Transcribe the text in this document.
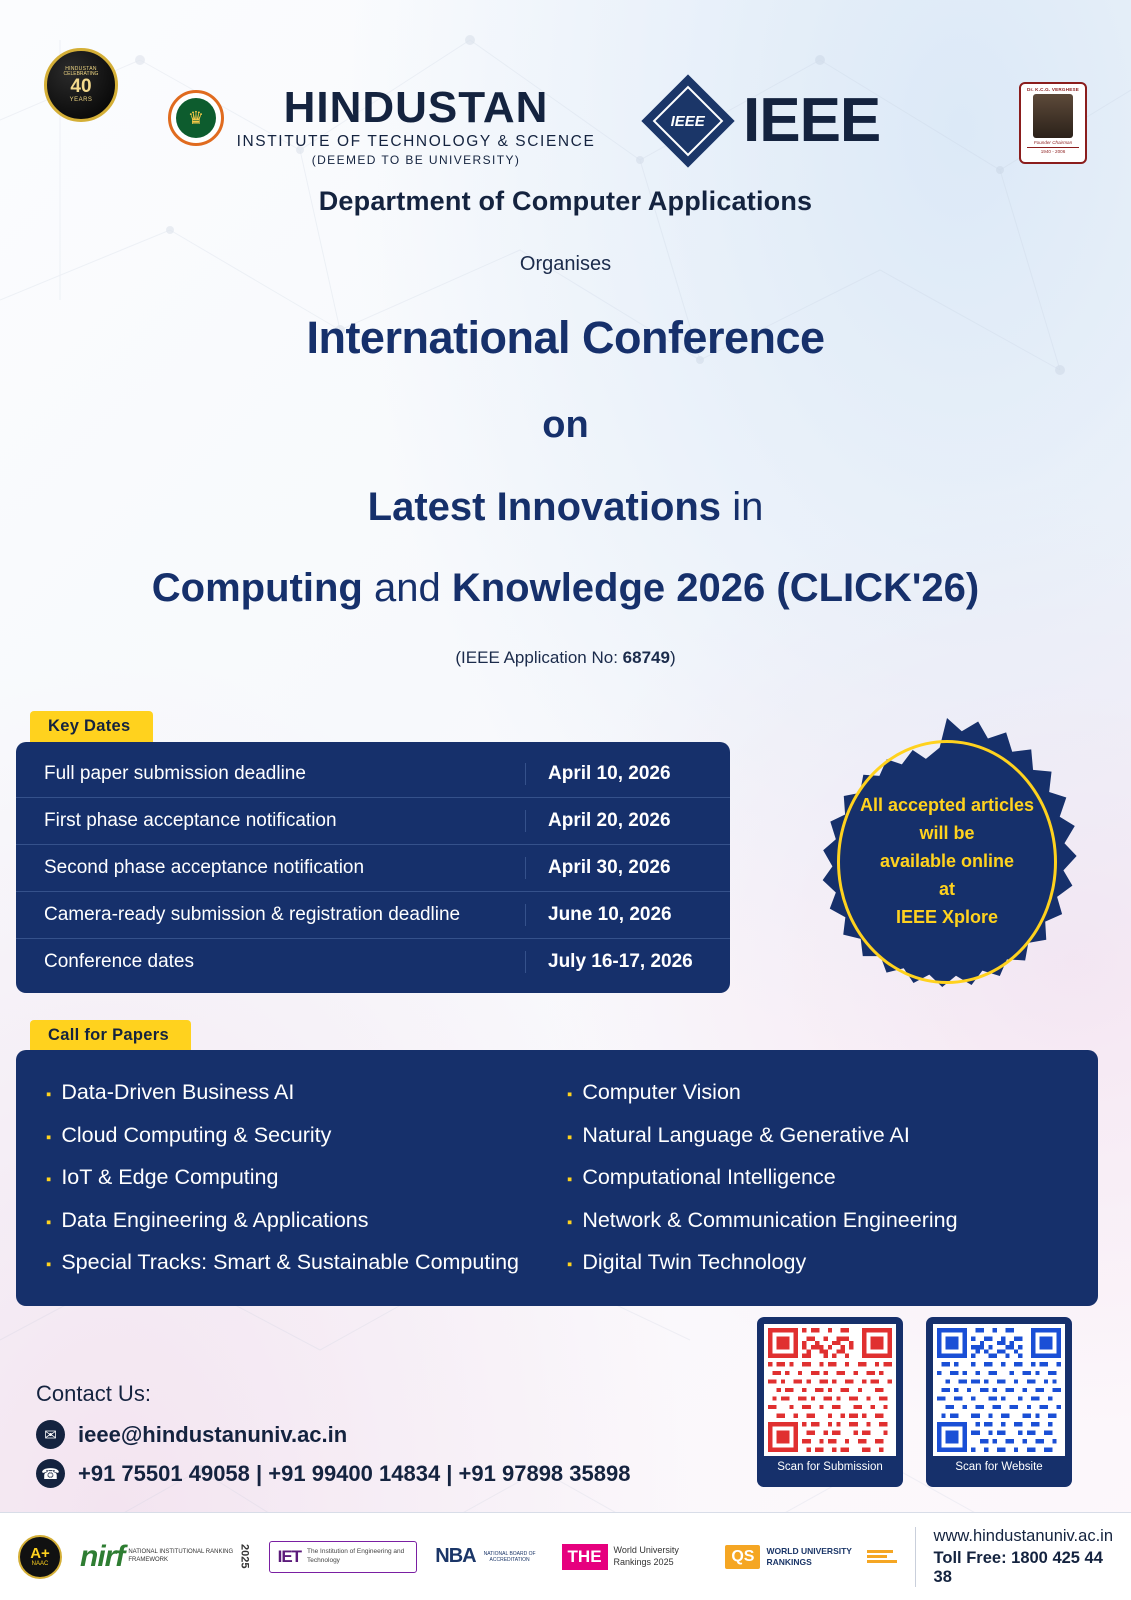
HINDUSTAN
CELEBRATING
40
YEARS
♛	HINDUSTAN
INSTITUTE OF TECHNOLOGY & SCIENCE
(DEEMED TO BE UNIVERSITY)
IEEE IEEE	Dr. K.C.G. VERGHESE
Founder Chairman
1940 - 2006
Department of Computer Applications
Organises
International Conference
on
Latest Innovations in
Computing and Knowledge 2026 (CLICK'26)
(IEEE Application No: 68749)
Key Dates
Full paper submission deadline	April 10, 2026
First phase acceptance notification	April 20, 2026
Second phase acceptance notification	April 30, 2026
Camera-ready submission & registration deadline	June 10, 2026
Conference dates	July 16-17, 2026
All accepted articles
will be
available online
at
IEEE Xplore
Call for Papers
▪ Data-Driven Business AI	▪ Computer Vision
▪ Cloud Computing & Security	▪ Natural Language & Generative AI
▪ IoT & Edge Computing	▪ Computational Intelligence
▪ Data Engineering & Applications	▪ Network & Communication Engineering
▪ Special Tracks: Smart & Sustainable Computing	▪ Digital Twin Technology
Contact Us:
✉ ieee@hindustanuniv.ac.in
☎ +91 75501 49058 | +91 99400 14834 | +91 97898 35898	Scan for Submission	Scan for Website
A+
NAAC nirf NATIONAL INSTITUTIONAL RANKING FRAMEWORK	2025 IET The Institution of Engineering and Technology	NBA	NATIONAL BOARD OF ACCREDITATION	THE	World University Rankings 2025	QS	WORLD UNIVERSITY RANKINGS
www.hindustanuniv.ac.in
Toll Free: 1800 425 44 38
